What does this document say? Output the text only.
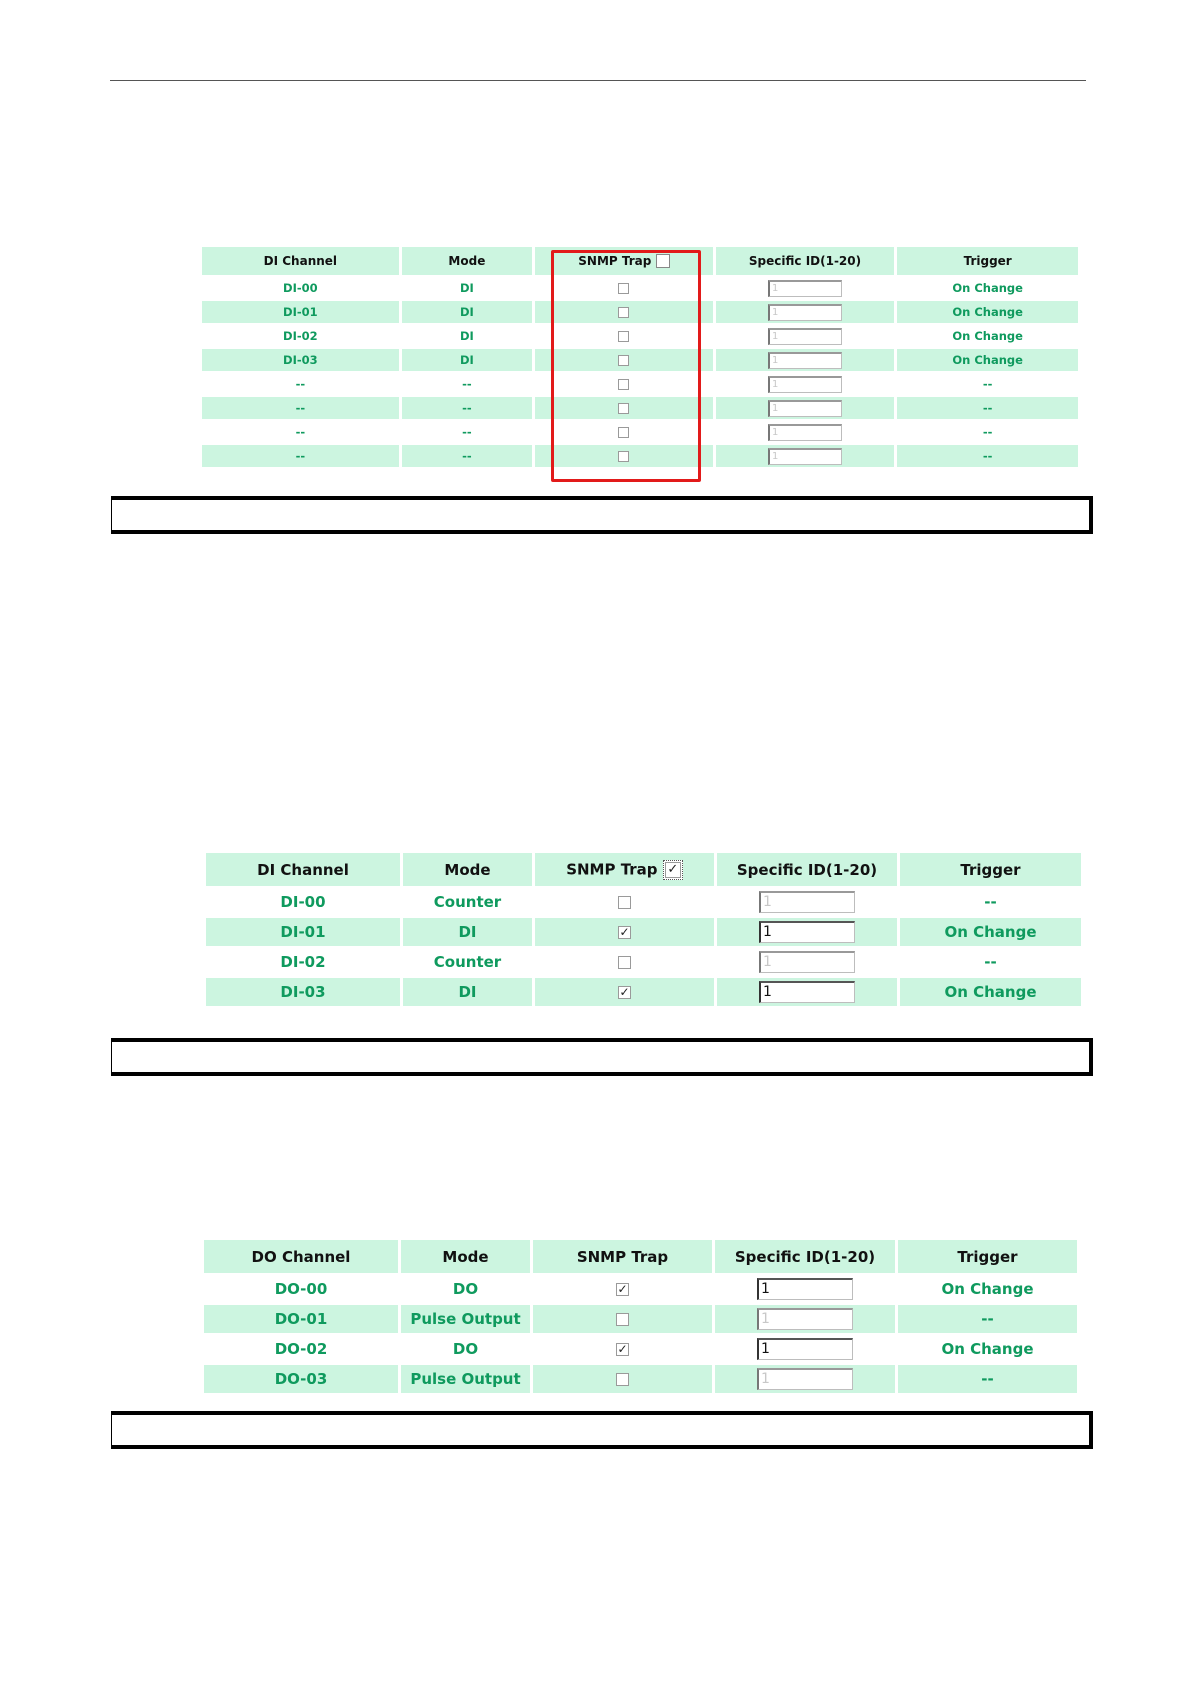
DI Channel	Mode	SNMP Trap	Specific ID(1-20)	Trigger
DI-00	DI		1	On Change
DI-01	DI		1	On Change
DI-02	DI		1	On Change
DI-03	DI		1	On Change
--	--		1	--
--	--		1	--
--	--		1	--
--	--		1	--
DI Channel	Mode	SNMP Trap ✓	Specific ID(1-20)	Trigger
DI-00	Counter		1	--
DI-01	DI	✓	1	On Change
DI-02	Counter		1	--
DI-03	DI	✓	1	On Change
DO Channel	Mode	SNMP Trap	Specific ID(1-20)	Trigger
DO-00	DO	✓	1	On Change
DO-01	Pulse Output		1	--
DO-02	DO	✓	1	On Change
DO-03	Pulse Output		1	--
